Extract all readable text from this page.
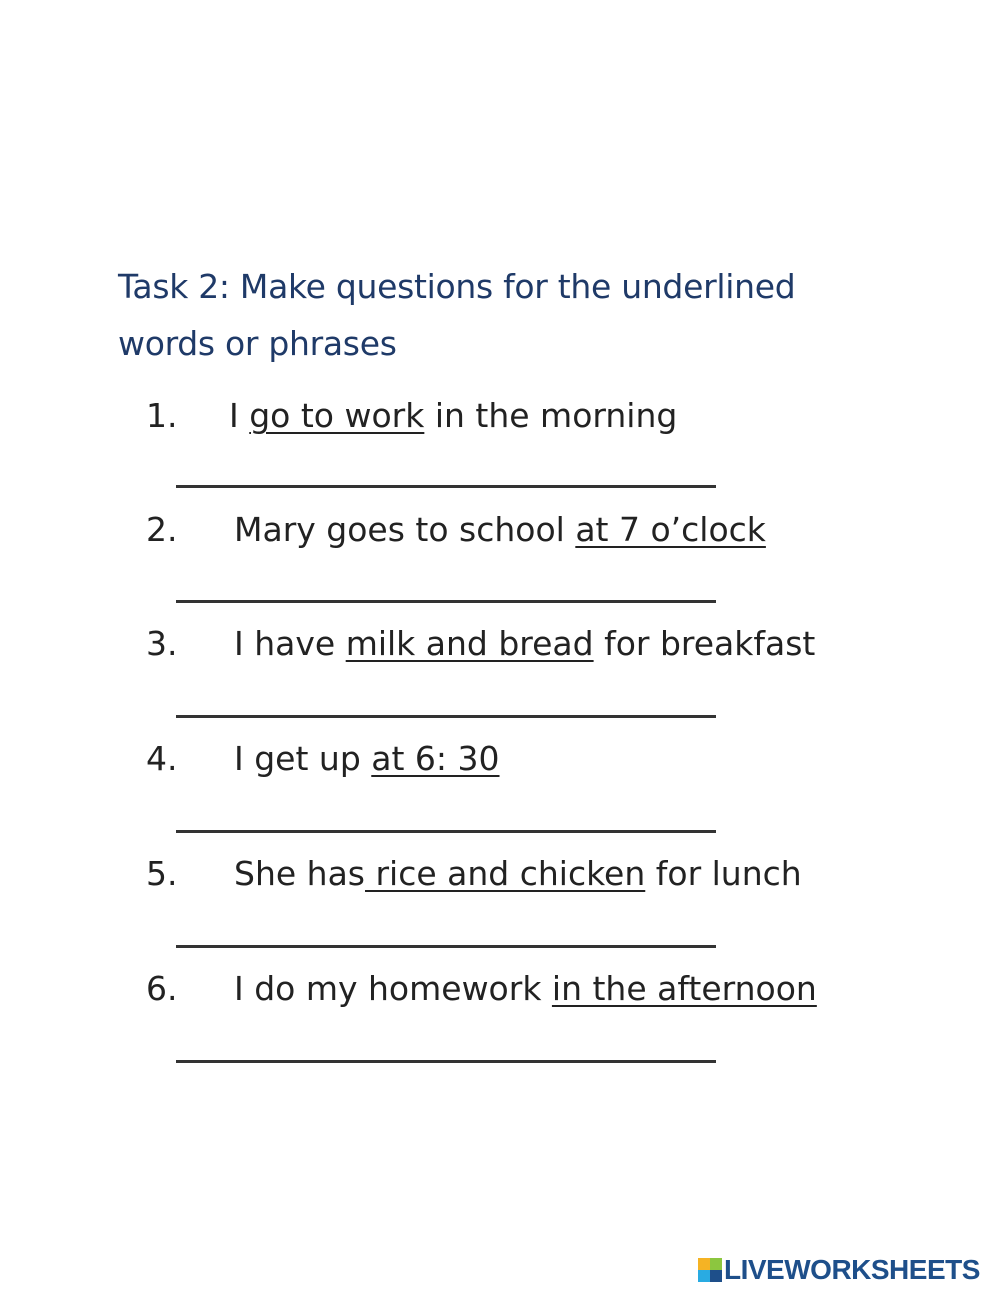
Task 2: Make questions for the underlined words or phrases

1.

I go to work in the morning

2.

Mary goes to school at 7 o’clock

3.

I have milk and bread for breakfast

4.

I get up at 6: 30

5.

She has rice and chicken for lunch

6.

I do my homework in the afternoon

LIVEWORKSHEETS
